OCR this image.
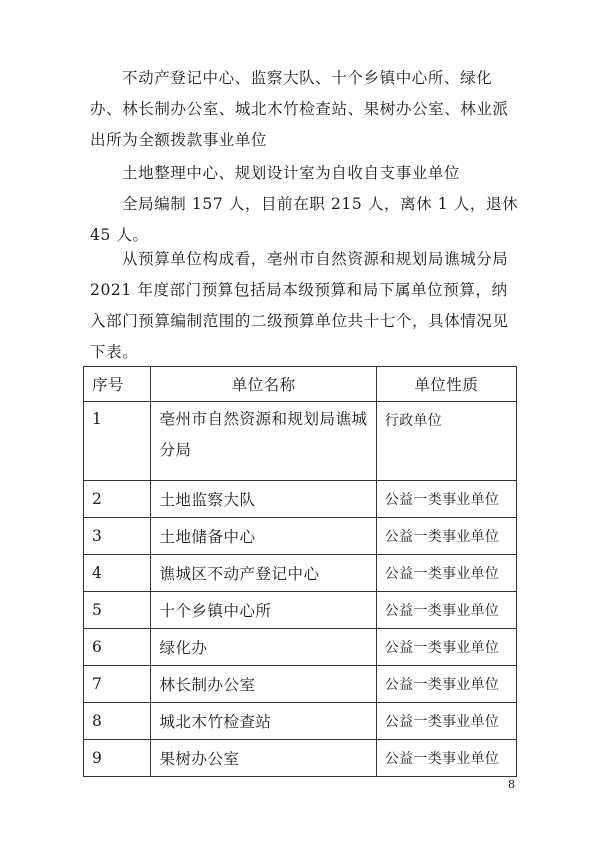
不动产登记中心、监察大队、十个乡镇中心所、绿化办、林长制办公室、城北木竹检查站、果树办公室、林业派出所为全额拨款事业单位

土地整理中心、规划设计室为自收自支事业单位

全局编制 157 人，目前在职 215 人，离休 1 人，退休 45 人。

从预算单位构成看，亳州市自然资源和规划局谯城分局 2021 年度部门预算包括局本级预算和局下属单位预算，纳入部门预算编制范围的二级预算单位共十七个，具体情况见下表。

序号	单位名称	单位性质
1	亳州市自然资源和规划局谯城分局	行政单位
2	土地监察大队	公益一类事业单位
3	土地储备中心	公益一类事业单位
4	谯城区不动产登记中心	公益一类事业单位
5	十个乡镇中心所	公益一类事业单位
6	绿化办	公益一类事业单位
7	林长制办公室	公益一类事业单位
8	城北木竹检查站	公益一类事业单位
9	果树办公室	公益一类事业单位
8
